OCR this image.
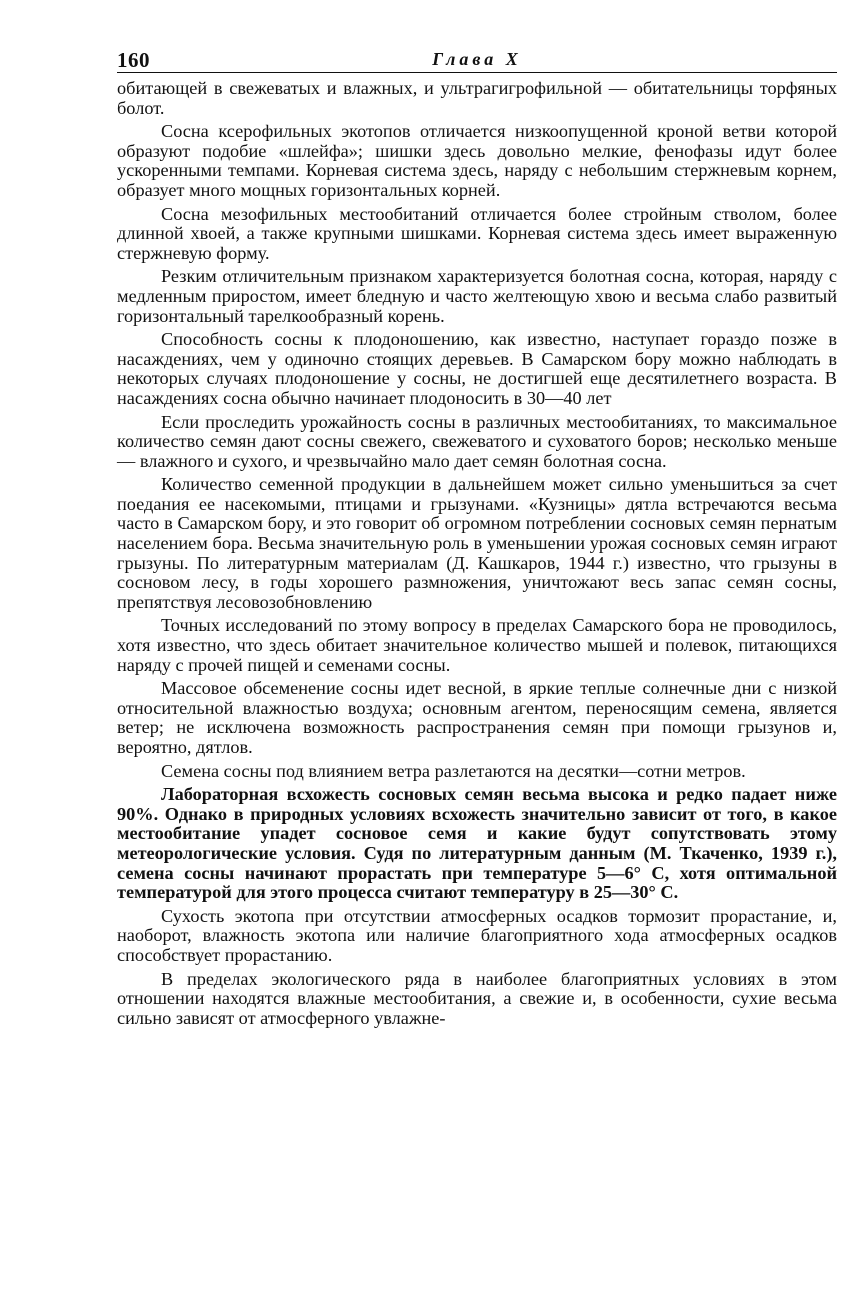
160	Глава X

обитающей в свежеватых и влажных, и ультрагигрофильной — обитательницы торфяных болот.

Сосна ксерофильных экотопов отличается низкоопущенной кроной ветви которой образуют подобие «шлейфа»; шишки здесь довольно мелкие, фенофазы идут более ускоренными темпами. Корневая система здесь, наряду с небольшим стержневым корнем, образует много мощных горизонтальных корней.

Сосна мезофильных местообитаний отличается более стройным стволом, более длинной хвоей, а также крупными шишками. Корневая система здесь имеет выраженную стержневую форму.

Резким отличительным признаком характеризуется болотная сосна, которая, наряду с медленным приростом, имеет бледную и часто желтеющую хвою и весьма слабо развитый горизонтальный тарелкообразный корень.

Способность сосны к плодоношению, как известно, наступает гораздо позже в насаждениях, чем у одиночно стоящих деревьев. В Самарском бору можно наблюдать в некоторых случаях плодоношение у сосны, не достигшей еще десятилетнего возраста. В насаждениях сосна обычно начинает плодоносить в 30—40 лет

Если проследить урожайность сосны в различных местообитаниях, то максимальное количество семян дают сосны свежего, свежеватого и суховатого боров; несколько меньше — влажного и сухого, и чрезвычайно мало дает семян болотная сосна.

Количество семенной продукции в дальнейшем может сильно уменьшиться за счет поедания ее насекомыми, птицами и грызунами. «Кузницы» дятла встречаются весьма часто в Самарском бору, и это говорит об огромном потреблении сосновых семян пернатым населением бора. Весьма значительную роль в уменьшении урожая сосновых семян играют грызуны. По литературным материалам (Д. Кашкаров, 1944 г.) известно, что грызуны в сосновом лесу, в годы хорошего размножения, уничтожают весь запас семян сосны, препятствуя лесовозобновлению

Точных исследований по этому вопросу в пределах Самарского бора не проводилось, хотя известно, что здесь обитает значительное количество мышей и полевок, питающихся наряду с прочей пищей и семенами сосны.

Массовое обсеменение сосны идет весной, в яркие теплые солнечные дни с низкой относительной влажностью воздуха; основным агентом, переносящим семена, является ветер; не исключена возможность распространения семян при помощи грызунов и, вероятно, дятлов.

Семена сосны под влиянием ветра разлетаются на десятки—сотни метров.

Лабораторная всхожесть сосновых семян весьма высока и редко падает ниже 90%. Однако в природных условиях всхожесть значительно зависит от того, в какое местообитание упадет сосновое семя и какие будут сопутствовать этому метеорологические условия. Судя по литературным данным (М. Ткаченко, 1939 г.), семена сосны начинают прорастать при температуре 5—6° С, хотя оптимальной температурой для этого процесса считают температуру в 25—30° С.

Сухость экотопа при отсутствии атмосферных осадков тормозит прорастание, и, наоборот, влажность экотопа или наличие благоприятного хода атмосферных осадков способствует прорастанию.

В пределах экологического ряда в наиболее благоприятных условиях в этом отношении находятся влажные местообитания, а свежие и, в особенности, сухие весьма сильно зависят от атмосферного увлажне-
